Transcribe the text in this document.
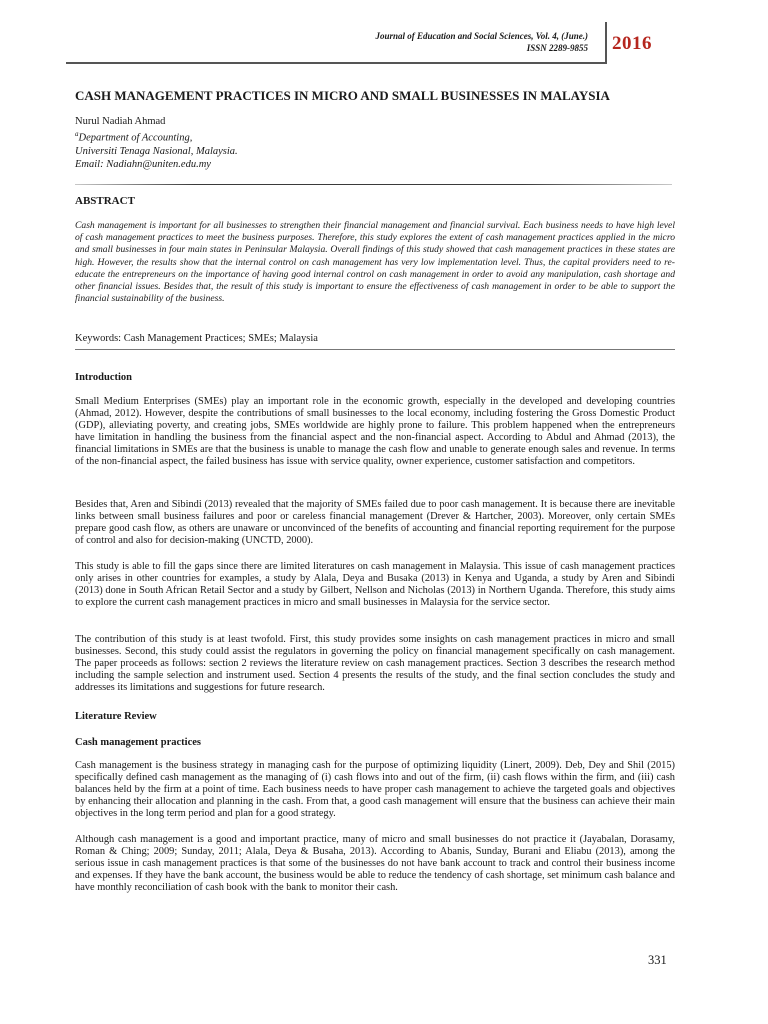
Journal of Education and Social Sciences, Vol. 4, (June.)
ISSN 2289-9855 2016
CASH MANAGEMENT PRACTICES IN MICRO AND SMALL BUSINESSES IN MALAYSIA
Nurul Nadiah Ahmad
$^a$Department of Accounting,
Universiti Tenaga Nasional, Malaysia.
Email: Nadiahn@uniten.edu.my
ABSTRACT
Cash management is important for all businesses to strengthen their financial management and financial survival. Each business needs to have high level of cash management practices to meet the business purposes. Therefore, this study explores the extent of cash management practices applied in the micro and small businesses in four main states in Peninsular Malaysia. Overall findings of this study showed that cash management practices in these states are high. However, the results show that the internal control on cash management has very low implementation level. Thus, the capital providers need to re-educate the entrepreneurs on the importance of having good internal control on cash management in order to avoid any manipulation, cash shortage and other financial issues. Besides that, the result of this study is important to ensure the effectiveness of cash management in order to be able to support the financial sustainability of the business.
Keywords: Cash Management Practices; SMEs; Malaysia
Introduction
Small Medium Enterprises (SMEs) play an important role in the economic growth, especially in the developed and developing countries (Ahmad, 2012). However, despite the contributions of small businesses to the local economy, including fostering the Gross Domestic Product (GDP), alleviating poverty, and creating jobs, SMEs worldwide are highly prone to failure. This problem happened when the entrepreneurs have limitation in handling the business from the financial aspect and the non-financial aspect. According to Abdul and Ahmad (2013), the financial limitations in SMEs are that the business is unable to manage the cash flow and unable to generate enough sales and revenue. In terms of the non-financial aspect, the failed business has issue with service quality, owner experience, customer satisfaction and competitors.
Besides that, Aren and Sibindi (2013) revealed that the majority of SMEs failed due to poor cash management. It is because there are inevitable links between small business failures and poor or careless financial management (Drever & Hartcher, 2003). Moreover, only certain SMEs prepare good cash flow, as others are unaware or unconvinced of the benefits of accounting and financial reporting requirement for the purpose of control and also for decision-making (UNCTD, 2000).
This study is able to fill the gaps since there are limited literatures on cash management in Malaysia. This issue of cash management practices only arises in other countries for examples, a study by Alala, Deya and Busaka (2013) in Kenya and Uganda, a study by Aren and Sibindi (2013) done in South African Retail Sector and a study by Gilbert, Nellson and Nicholas (2013) in Northern Uganda. Therefore, this study aims to explore the current cash management practices in micro and small businesses in Malaysia for the service sector.
The contribution of this study is at least twofold. First, this study provides some insights on cash management practices in micro and small businesses. Second, this study could assist the regulators in governing the policy on financial management specifically on cash management. The paper proceeds as follows: section 2 reviews the literature review on cash management practices. Section 3 describes the research method including the sample selection and instrument used. Section 4 presents the results of the study, and the final section concludes the study and addresses its limitations and suggestions for future research.
Literature Review
Cash management practices
Cash management is the business strategy in managing cash for the purpose of optimizing liquidity (Linert, 2009). Deb, Dey and Shil (2015) specifically defined cash management as the managing of (i) cash flows into and out of the firm, (ii) cash flows within the firm, and (iii) cash balances held by the firm at a point of time. Each business needs to have proper cash management to achieve the targeted goals and objectives by enhancing their allocation and planning in the cash. From that, a good cash management will ensure that the business can achieve their main objectives in the long term period and plan for a good strategy.
Although cash management is a good and important practice, many of micro and small businesses do not practice it (Jayabalan, Dorasamy, Roman & Ching; 2009; Sunday, 2011; Alala, Deya & Busaha, 2013). According to Abanis, Sunday, Burani and Eliabu (2013), among the serious issue in cash management practices is that some of the businesses do not have bank account to track and control their business income and expenses. If they have the bank account, the business would be able to reduce the tendency of cash shortage, set minimum cash balance and have monthly reconciliation of cash book with the bank to monitor their cash.
331
